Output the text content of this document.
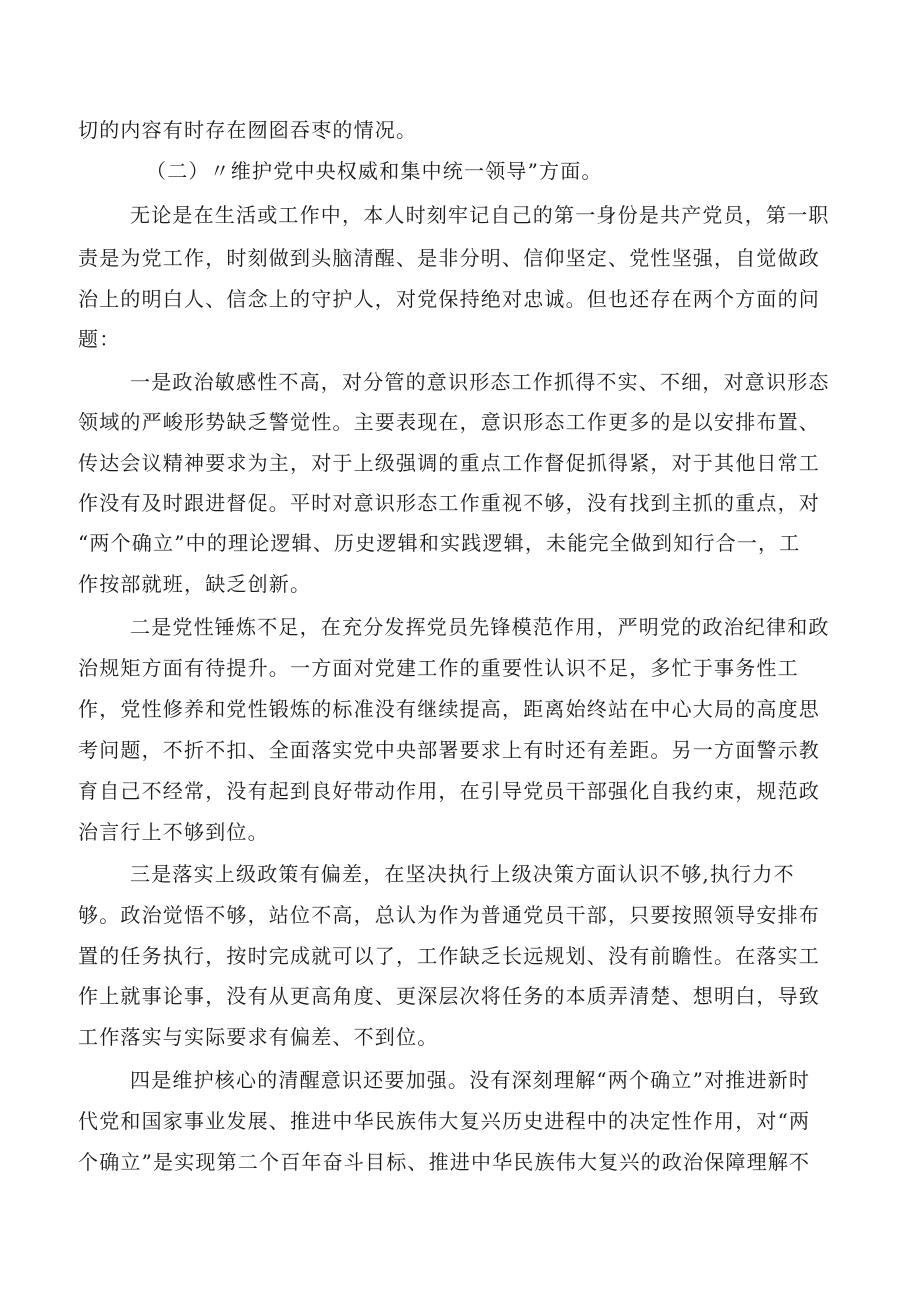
切的内容有时存在囫囵吞枣的情况。
（二）〃维护党中央权威和集中统一领导”方面。
无论是在生活或工作中，本人时刻牢记自己的第一身份是共产党员，第一职
责是为党工作，时刻做到头脑清醒、是非分明、信仰坚定、党性坚强，自觉做政
治上的明白人、信念上的守护人，对党保持绝对忠诚。但也还存在两个方面的问
题：
一是政治敏感性不高，对分管的意识形态工作抓得不实、不细，对意识形态
领域的严峻形势缺乏警觉性。主要表现在，意识形态工作更多的是以安排布置、
传达会议精神要求为主，对于上级强调的重点工作督促抓得紧，对于其他日常工
作没有及时跟进督促。平时对意识形态工作重视不够，没有找到主抓的重点，对
“两个确立”中的理论逻辑、历史逻辑和实践逻辑，未能完全做到知行合一，工
作按部就班，缺乏创新。
二是党性锤炼不足，在充分发挥党员先锋模范作用，严明党的政治纪律和政
治规矩方面有待提升。一方面对党建工作的重要性认识不足，多忙于事务性工
作，党性修养和党性锻炼的标准没有继续提高，距离始终站在中心大局的高度思
考问题，不折不扣、全面落实党中央部署要求上有时还有差距。另一方面警示教
育自己不经常，没有起到良好带动作用，在引导党员干部强化自我约束，规范政
治言行上不够到位。
三是落实上级政策有偏差，在坚决执行上级决策方面认识不够,执行力不
够。政治觉悟不够，站位不高，总认为作为普通党员干部，只要按照领导安排布
置的任务执行，按时完成就可以了，工作缺乏长远规划、没有前瞻性。在落实工
作上就事论事，没有从更高角度、更深层次将任务的本质弄清楚、想明白，导致
工作落实与实际要求有偏差、不到位。
四是维护核心的清醒意识还要加强。没有深刻理解“两个确立”对推进新时
代党和国家事业发展、推进中华民族伟大复兴历史进程中的决定性作用，对“两
个确立”是实现第二个百年奋斗目标、推进中华民族伟大复兴的政治保障理解不
